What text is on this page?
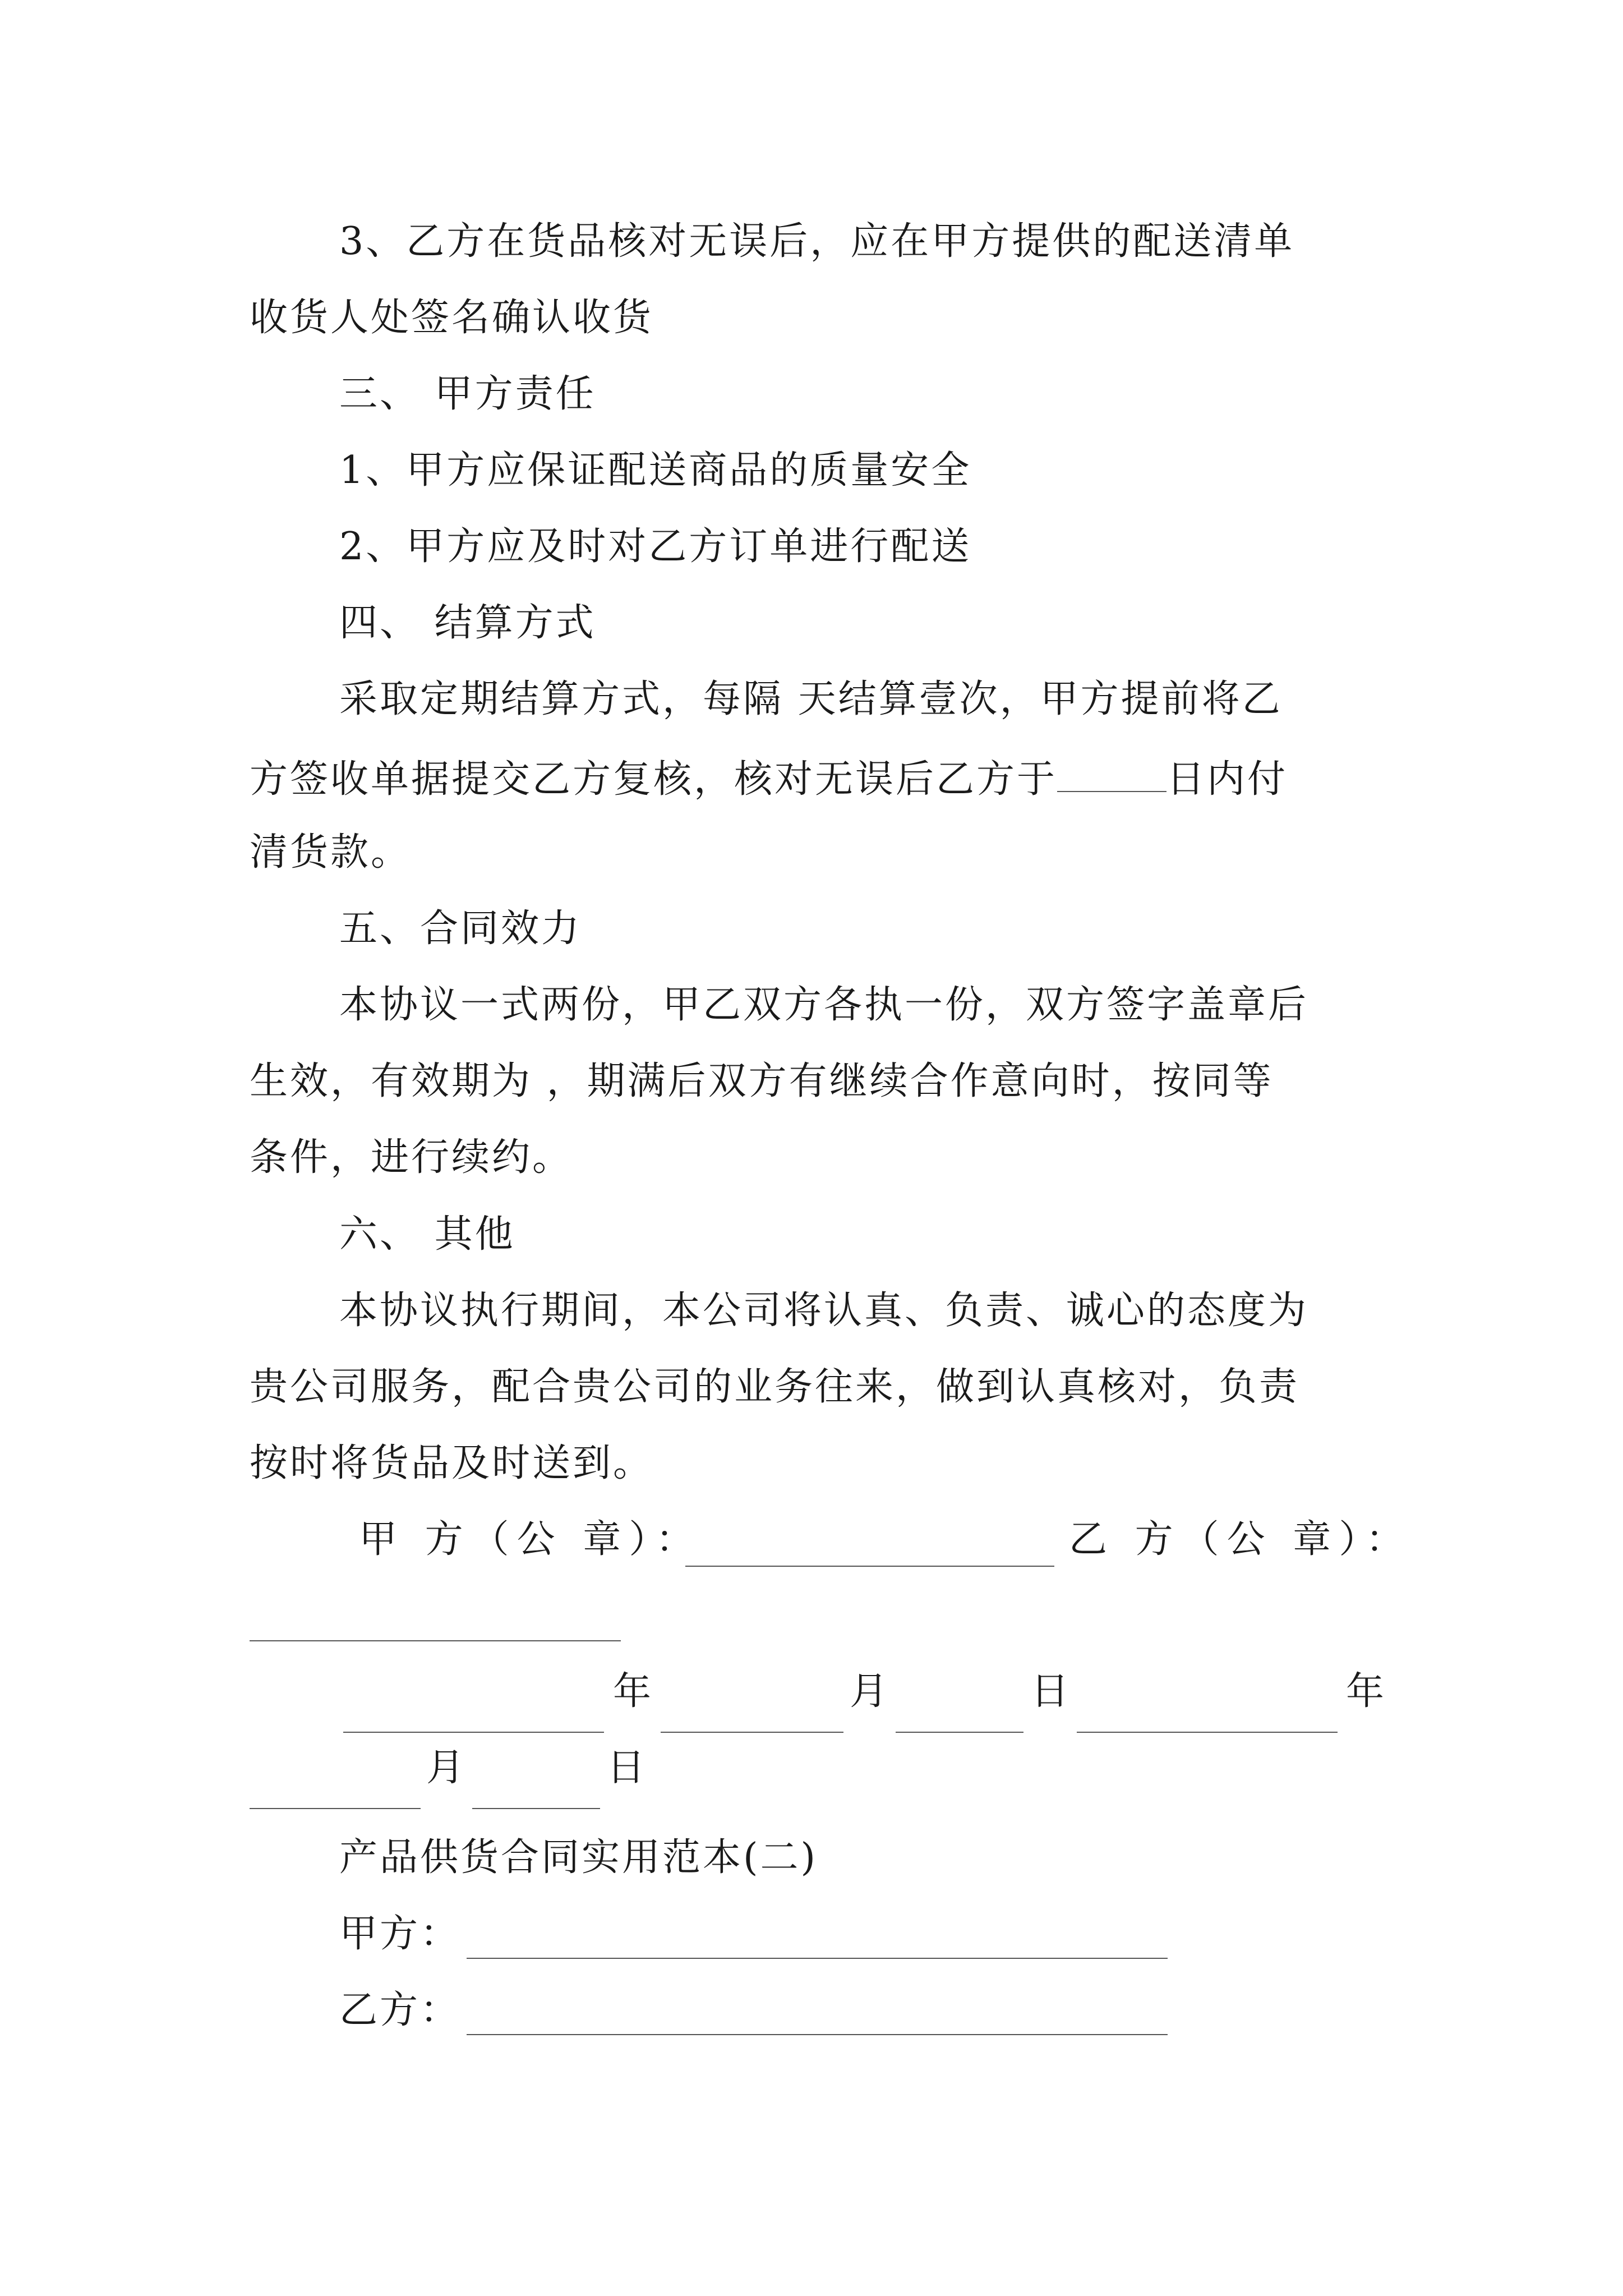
3、乙方在货品核对无误后，应在甲方提供的配送清单
收货人处签名确认收货
三、 甲方责任
1、甲方应保证配送商品的质量安全
2、甲方应及时对乙方订单进行配送
四、 结算方式
采取定期结算方式，每隔 天结算壹次，甲方提前将乙
方签收单据提交乙方复核，核对无误后乙方于	日内付
清货款。
五、合同效力
本协议一式两份，甲乙双方各执一份，双方签字盖章后
生效，有效期为 ，期满后双方有继续合作意向时，按同等
条件，进行续约。
六、 其他
本协议执行期间，本公司将认真、负责、诚心的态度为
贵公司服务，配合贵公司的业务往来，做到认真核对，负责
按时将货品及时送到。
甲 方（公 章）：	乙 方（公 章）：
年	月	日	年
月	日
产品供货合同实用范本(二)
甲方：
乙方：
